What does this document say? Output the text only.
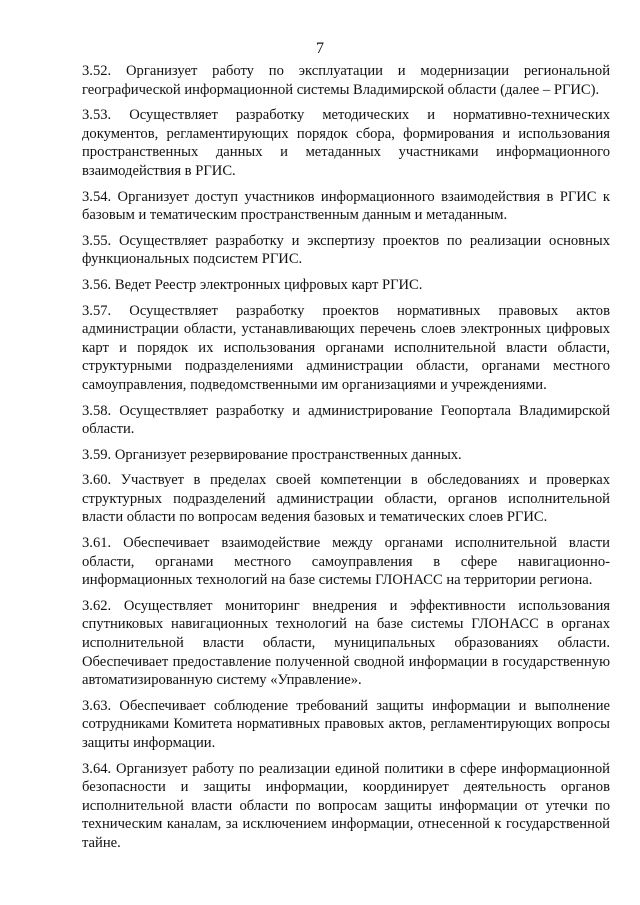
7

3.52. Организует работу по эксплуатации и модернизации региональной географической информационной системы Владимирской области (далее – РГИС).

3.53. Осуществляет разработку методических и нормативно-технических документов, регламентирующих порядок сбора, формирования и использования пространственных данных и метаданных участниками информационного взаимодействия в РГИС.

3.54. Организует доступ участников информационного взаимодействия в РГИС к базовым и тематическим пространственным данным и метаданным.

3.55. Осуществляет разработку и экспертизу проектов по реализации основных функциональных подсистем РГИС.

3.56. Ведет Реестр электронных цифровых карт РГИС.

3.57. Осуществляет разработку проектов нормативных правовых актов администрации области, устанавливающих перечень слоев электронных цифровых карт и порядок их использования органами исполнительной власти области, структурными подразделениями администрации области, органами местного самоуправления, подведомственными им организациями и учреждениями.

3.58. Осуществляет разработку и администрирование Геопортала Владимирской области.

3.59. Организует резервирование пространственных данных.

3.60. Участвует в пределах своей компетенции в обследованиях и проверках структурных подразделений администрации области, органов исполнительной власти области по вопросам ведения базовых и тематических слоев РГИС.

3.61. Обеспечивает взаимодействие между органами исполнительной власти области, органами местного самоуправления в сфере навигационно-информационных технологий на базе системы ГЛОНАСС на территории региона.

3.62. Осуществляет мониторинг внедрения и эффективности использования спутниковых навигационных технологий на базе системы ГЛОНАСС в органах исполнительной власти области, муниципальных образованиях области. Обеспечивает предоставление полученной сводной информации в государственную автоматизированную систему «Управление».

3.63. Обеспечивает соблюдение требований защиты информации и выполнение сотрудниками Комитета нормативных правовых актов, регламентирующих вопросы защиты информации.

3.64. Организует работу по реализации единой политики в сфере информационной безопасности и защиты информации, координирует деятельность органов исполнительной власти области по вопросам защиты информации от утечки по техническим каналам, за исключением информации, отнесенной к государственной тайне.
